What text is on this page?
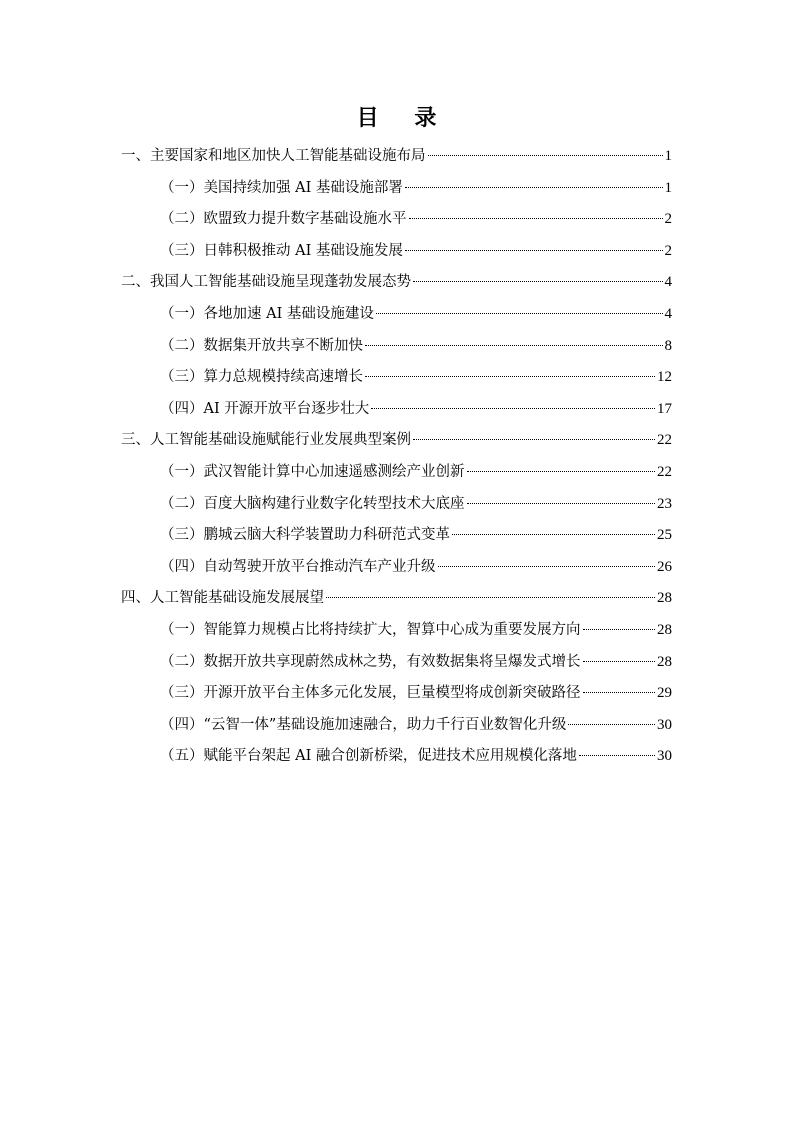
目 录
一、主要国家和地区加快人工智能基础设施布局	1
（一）美国持续加强 AI 基础设施部署	1
（二）欧盟致力提升数字基础设施水平	2
（三）日韩积极推动 AI 基础设施发展	2
二、我国人工智能基础设施呈现蓬勃发展态势	4
（一）各地加速 AI 基础设施建设	4
（二）数据集开放共享不断加快	8
（三）算力总规模持续高速增长	12
（四）AI 开源开放平台逐步壮大	17
三、人工智能基础设施赋能行业发展典型案例	22
（一）武汉智能计算中心加速遥感测绘产业创新	22
（二）百度大脑构建行业数字化转型技术大底座	23
（三）鹏城云脑大科学装置助力科研范式变革	25
（四）自动驾驶开放平台推动汽车产业升级	26
四、人工智能基础设施发展展望	28
（一）智能算力规模占比将持续扩大，智算中心成为重要发展方向	28
（二）数据开放共享现蔚然成林之势，有效数据集将呈爆发式增长	28
（三）开源开放平台主体多元化发展，巨量模型将成创新突破路径	29
（四）“云智一体”基础设施加速融合，助力千行百业数智化升级	30
（五）赋能平台架起 AI 融合创新桥梁，促进技术应用规模化落地	30
